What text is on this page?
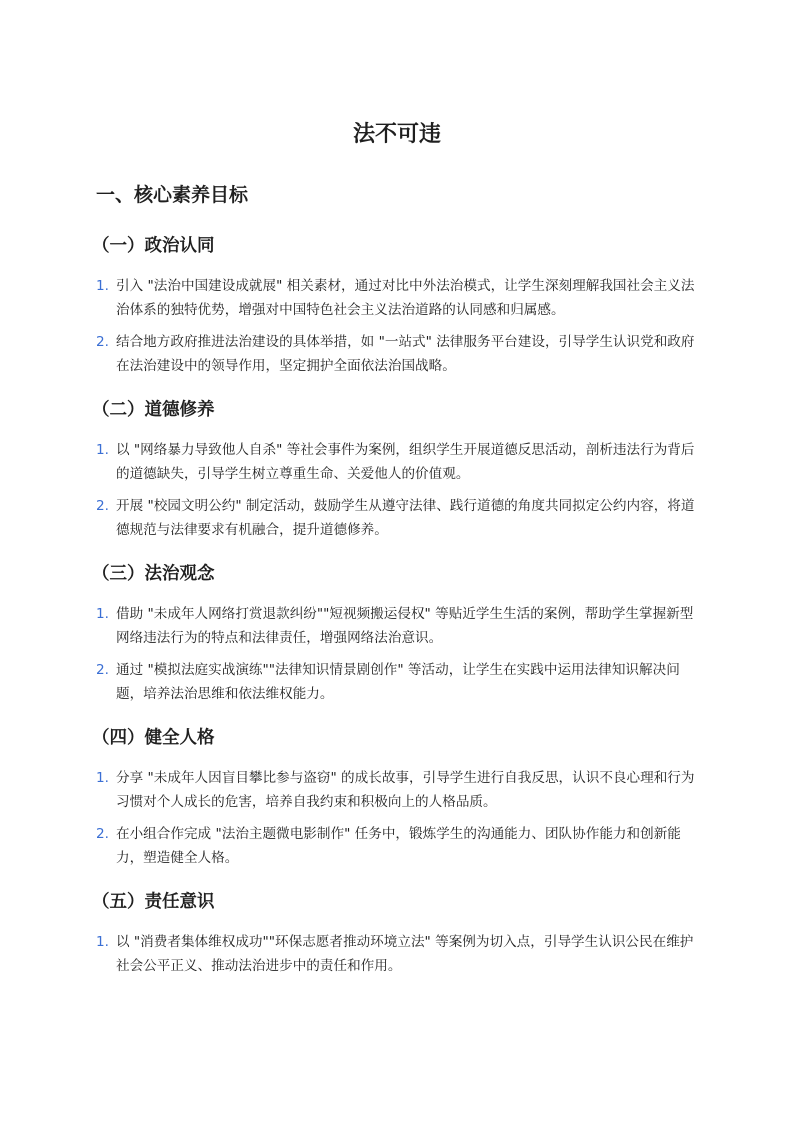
法不可违
一、核心素养目标
（一）政治认同
1. 引入 "法治中国建设成就展" 相关素材，通过对比中外法治模式，让学生深刻理解我国社会主义法治体系的独特优势，增强对中国特色社会主义法治道路的认同感和归属感。
2. 结合地方政府推进法治建设的具体举措，如 "一站式" 法律服务平台建设，引导学生认识党和政府在法治建设中的领导作用，坚定拥护全面依法治国战略。
（二）道德修养
1. 以 "网络暴力导致他人自杀" 等社会事件为案例，组织学生开展道德反思活动，剖析违法行为背后的道德缺失，引导学生树立尊重生命、关爱他人的价值观。
2. 开展 "校园文明公约" 制定活动，鼓励学生从遵守法律、践行道德的角度共同拟定公约内容，将道德规范与法律要求有机融合，提升道德修养。
（三）法治观念
1. 借助 "未成年人网络打赏退款纠纷""短视频搬运侵权" 等贴近学生生活的案例，帮助学生掌握新型网络违法行为的特点和法律责任，增强网络法治意识。
2. 通过 "模拟法庭实战演练""法律知识情景剧创作" 等活动，让学生在实践中运用法律知识解决问题，培养法治思维和依法维权能力。
（四）健全人格
1. 分享 "未成年人因盲目攀比参与盗窃" 的成长故事，引导学生进行自我反思，认识不良心理和行为习惯对个人成长的危害，培养自我约束和积极向上的人格品质。
2. 在小组合作完成 "法治主题微电影制作" 任务中，锻炼学生的沟通能力、团队协作能力和创新能力，塑造健全人格。
（五）责任意识
1. 以 "消费者集体维权成功""环保志愿者推动环境立法" 等案例为切入点，引导学生认识公民在维护社会公平正义、推动法治进步中的责任和作用。
